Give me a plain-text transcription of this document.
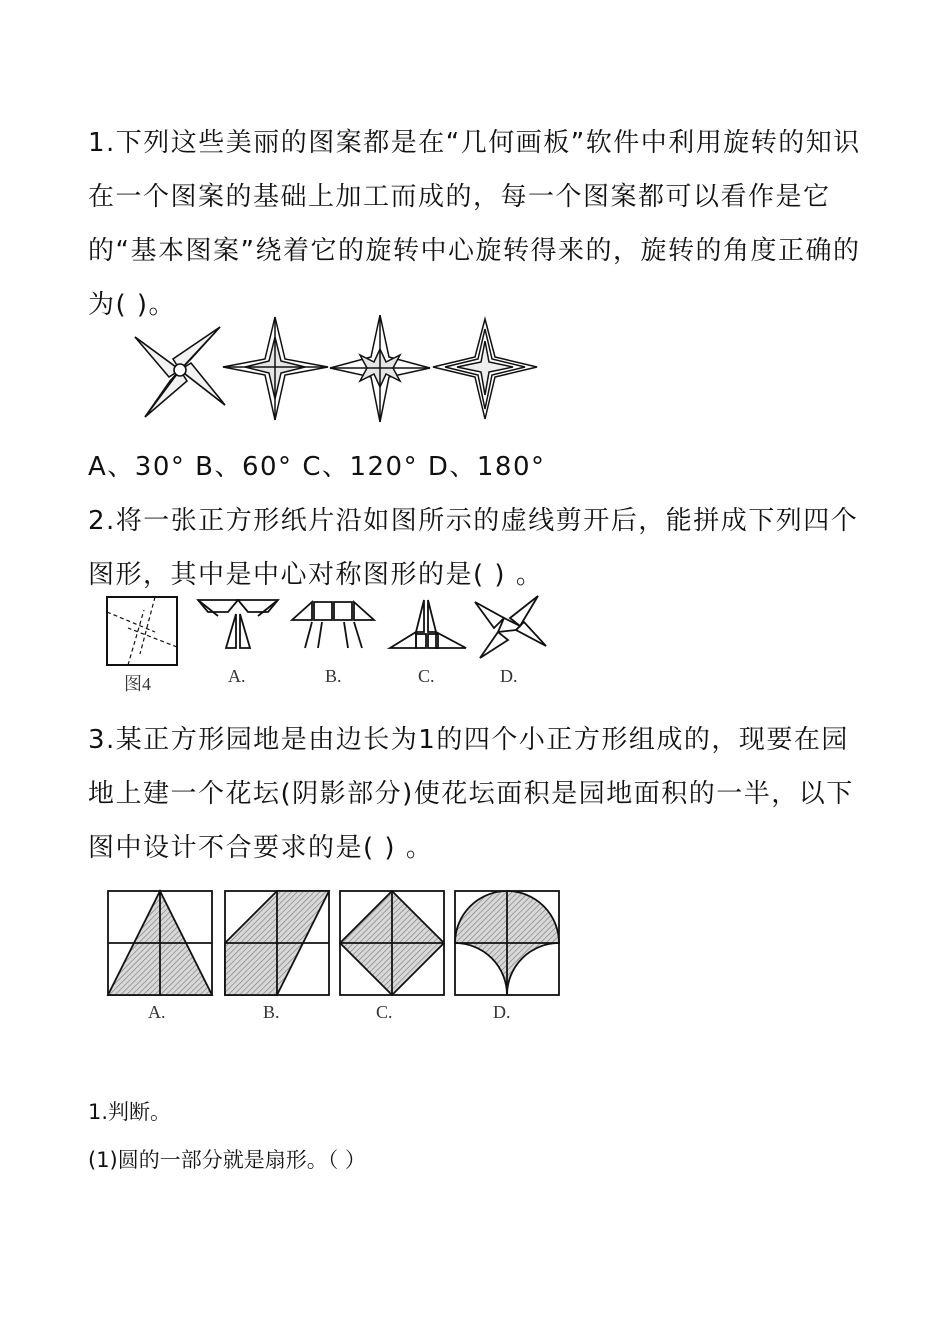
1.下列这些美丽的图案都是在“几何画板”软件中利用旋转的知识在一个图案的基础上加工而成的，每一个图案都可以看作是它的“基本图案”绕着它的旋转中心旋转得来的，旋转的角度正确的为( )。

A、30° B、60° C、120° D、180°

2.将一张正方形纸片沿如图所示的虚线剪开后，能拼成下列四个图形，其中是中心对称图形的是( ) 。

图4	A.	B.	C.	D.

3.某正方形园地是由边长为1的四个小正方形组成的，现要在园地上建一个花坛(阴影部分)使花坛面积是园地面积的一半，以下图中设计不合要求的是( ) 。

A.	B.	C.	D.

1.判断。

(1)圆的一部分就是扇形。（ ）
